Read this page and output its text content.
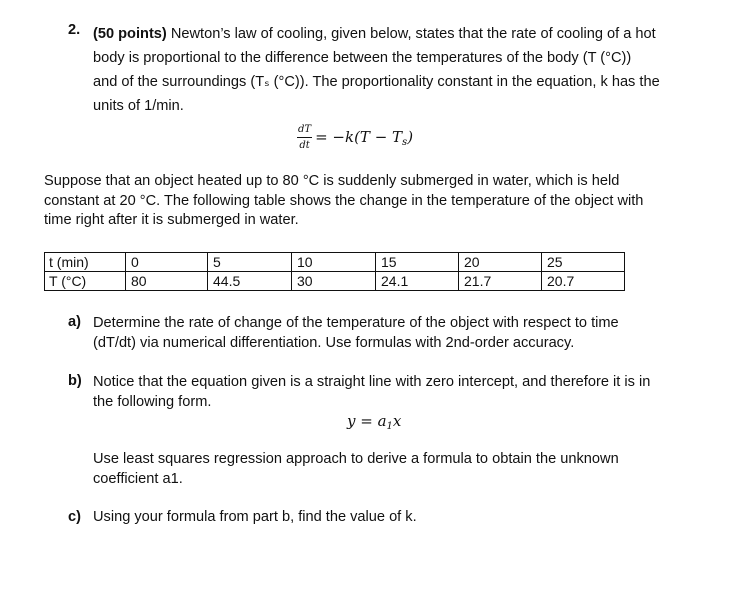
2. (50 points) Newton’s law of cooling, given below, states that the rate of cooling of a hot
body is proportional to the difference between the temperatures of the body (T (°C))
and of the surroundings (Tₛ (°C)). The proportionality constant in the equation, k has the
units of 1/min.
$\frac{dT}{dt} = -k(T - T_s)$
Suppose that an object heated up to 80 °C is suddenly submerged in water, which is held
constant at 20 °C. The following table shows the change in the temperature of the object with
time right after it is submerged in water.
t (min)	0	5	10	15	20	25
T (°C)	80	44.5	30	24.1	21.7	20.7
a) Determine the rate of change of the temperature of the object with respect to time
(dT/dt) via numerical differentiation. Use formulas with 2nd-order accuracy.
b) Notice that the equation given is a straight line with zero intercept, and therefore it is in
the following form.
$y = a_1x$
Use least squares regression approach to derive a formula to obtain the unknown
coefficient a1.
c) Using your formula from part b, find the value of k.
